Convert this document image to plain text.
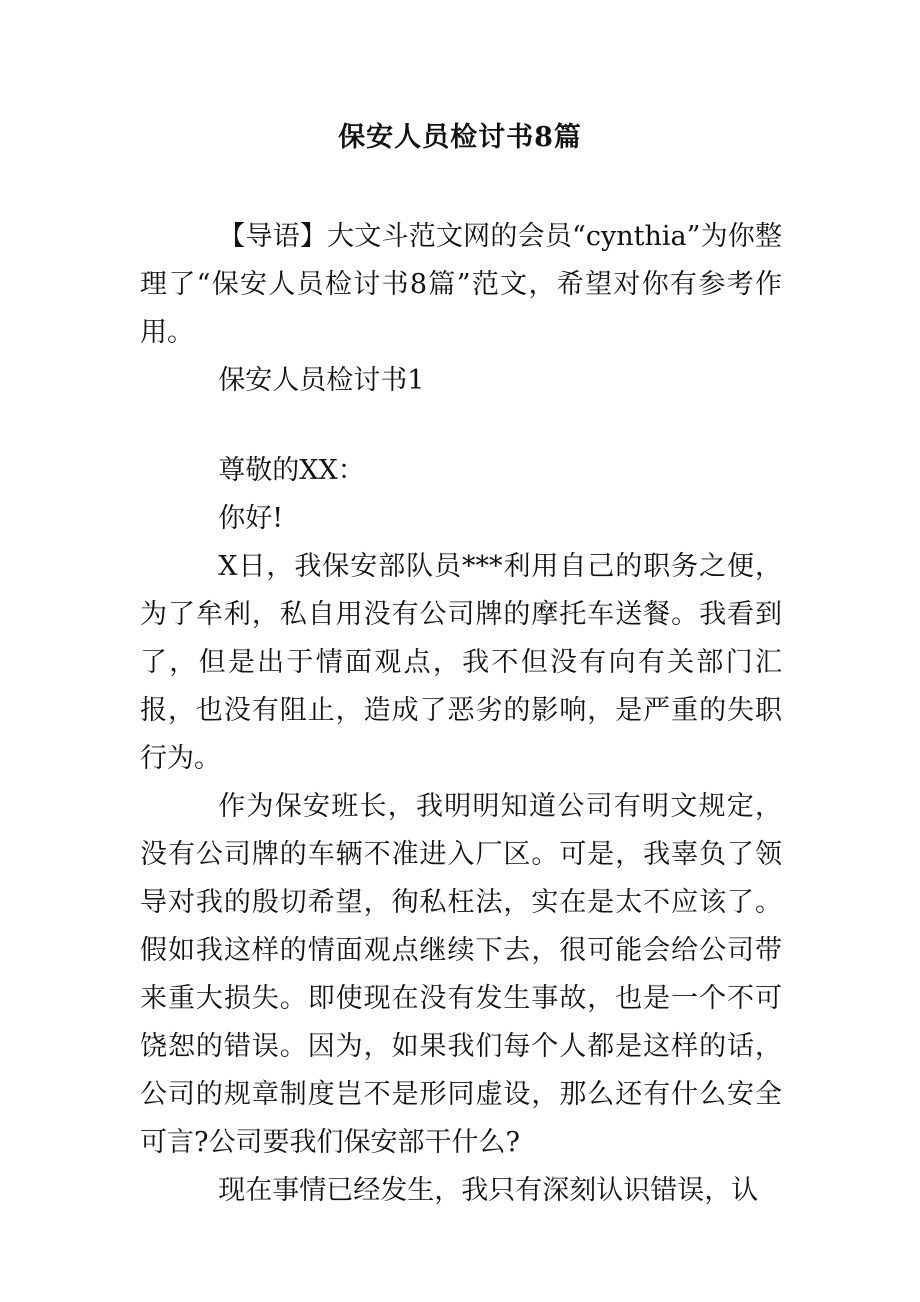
保安人员检讨书8篇

【导语】大文斗范文网的会员“cynthia”为你整理了“保安人员检讨书8篇”范文，希望对你有参考作用。

保安人员检讨书1

尊敬的XX：

你好!

X日，我保安部队员***利用自己的职务之便，为了牟利，私自用没有公司牌的摩托车送餐。我看到了，但是出于情面观点，我不但没有向有关部门汇报，也没有阻止，造成了恶劣的影响，是严重的失职行为。

作为保安班长，我明明知道公司有明文规定，没有公司牌的车辆不准进入厂区。可是，我辜负了领导对我的殷切希望，徇私枉法，实在是太不应该了。假如我这样的情面观点继续下去，很可能会给公司带来重大损失。即使现在没有发生事故，也是一个不可饶恕的错误。因为，如果我们每个人都是这样的话，公司的规章制度岂不是形同虚设，那么还有什么安全可言?公司要我们保安部干什么?

现在事情已经发生，我只有深刻认识错误，认
